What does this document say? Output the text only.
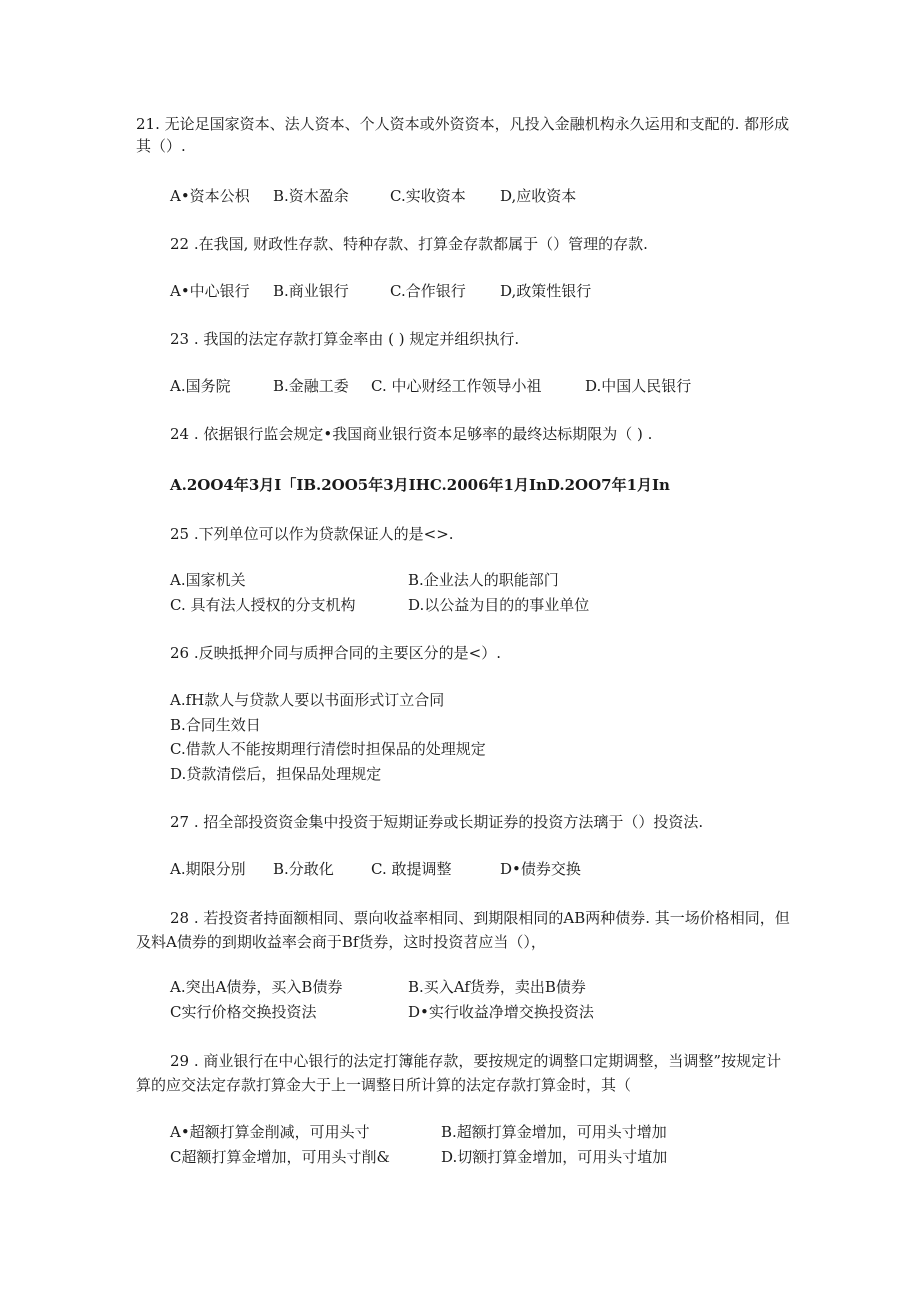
21. 无论足国家资本、法人资本、个人资本或外资资本，凡投入金融机构永久运用和支配的. 都形成其（）.
A•资本公枳 B.资木盈余	C.实收资本 D,应收资本
22 .在我国, 财政性存款、特种存款、打算金存款都属于（）管理的存款.
A•中心银行 B.商业银行	C.合作银行 D,政策性银行
23 . 我国的法定存款打算金率由 ( ) 规定并组织执行.
A.国务院	B.金融工委 C. 中心财经工作领导小祖	D.中国人民银行
24 . 依据银行监会规定•我国商业银行资本足够率的最终达标期限为（ ) .
A.2OO4年3月I「IB.2OO5年3月IHC.2006年1月InD.2OO7年1月In
25 .下列单位可以作为贷款保证人的是<>.
A.国家机关	B.企业法人的职能部门
C. 具有法人授权的分支机构	D.以公益为目的的事业单位
26 .反映抵押介同与质押合同的主要区分的是<）.
A.fH款人与贷款人要以书面形式订立合同
B.合同生效日
C.借款人不能按期理行清偿时担保品的处理规定
D.贷款清偿后，担保品处理规定
27 . 招全部投资资金集中投资于短期证券或长期证券的投资方法璃于（）投资法.
A.期限分別 B.分敢化 C. 敢提调整	D•债券交换
28 . 若投资者持面额相同、票向收益率相同、到期限相同的AB两种债券. 其一场价格相同，但及料A债券的到期收益率会商于Bf货券，这时投资苕应当（），
A.突出A债券，买入B债券	B.买入Af货券，卖出B债券
C实行价格交换投资法	D•实行收益净增交换投资法
29 . 商业银行在中心银行的法定打簿能存款，要按规定的调整口定期调整，当调整”按规定计算的应交法定存款打算金大于上一调整日所计算的法定存款打算金时，其（
A•超额打算金削减，可用头寸	B.超额打算金增加，可用头寸增加
C超额打算金增加，可用头寸削&	D.切额打算金增加，可用头寸埴加
